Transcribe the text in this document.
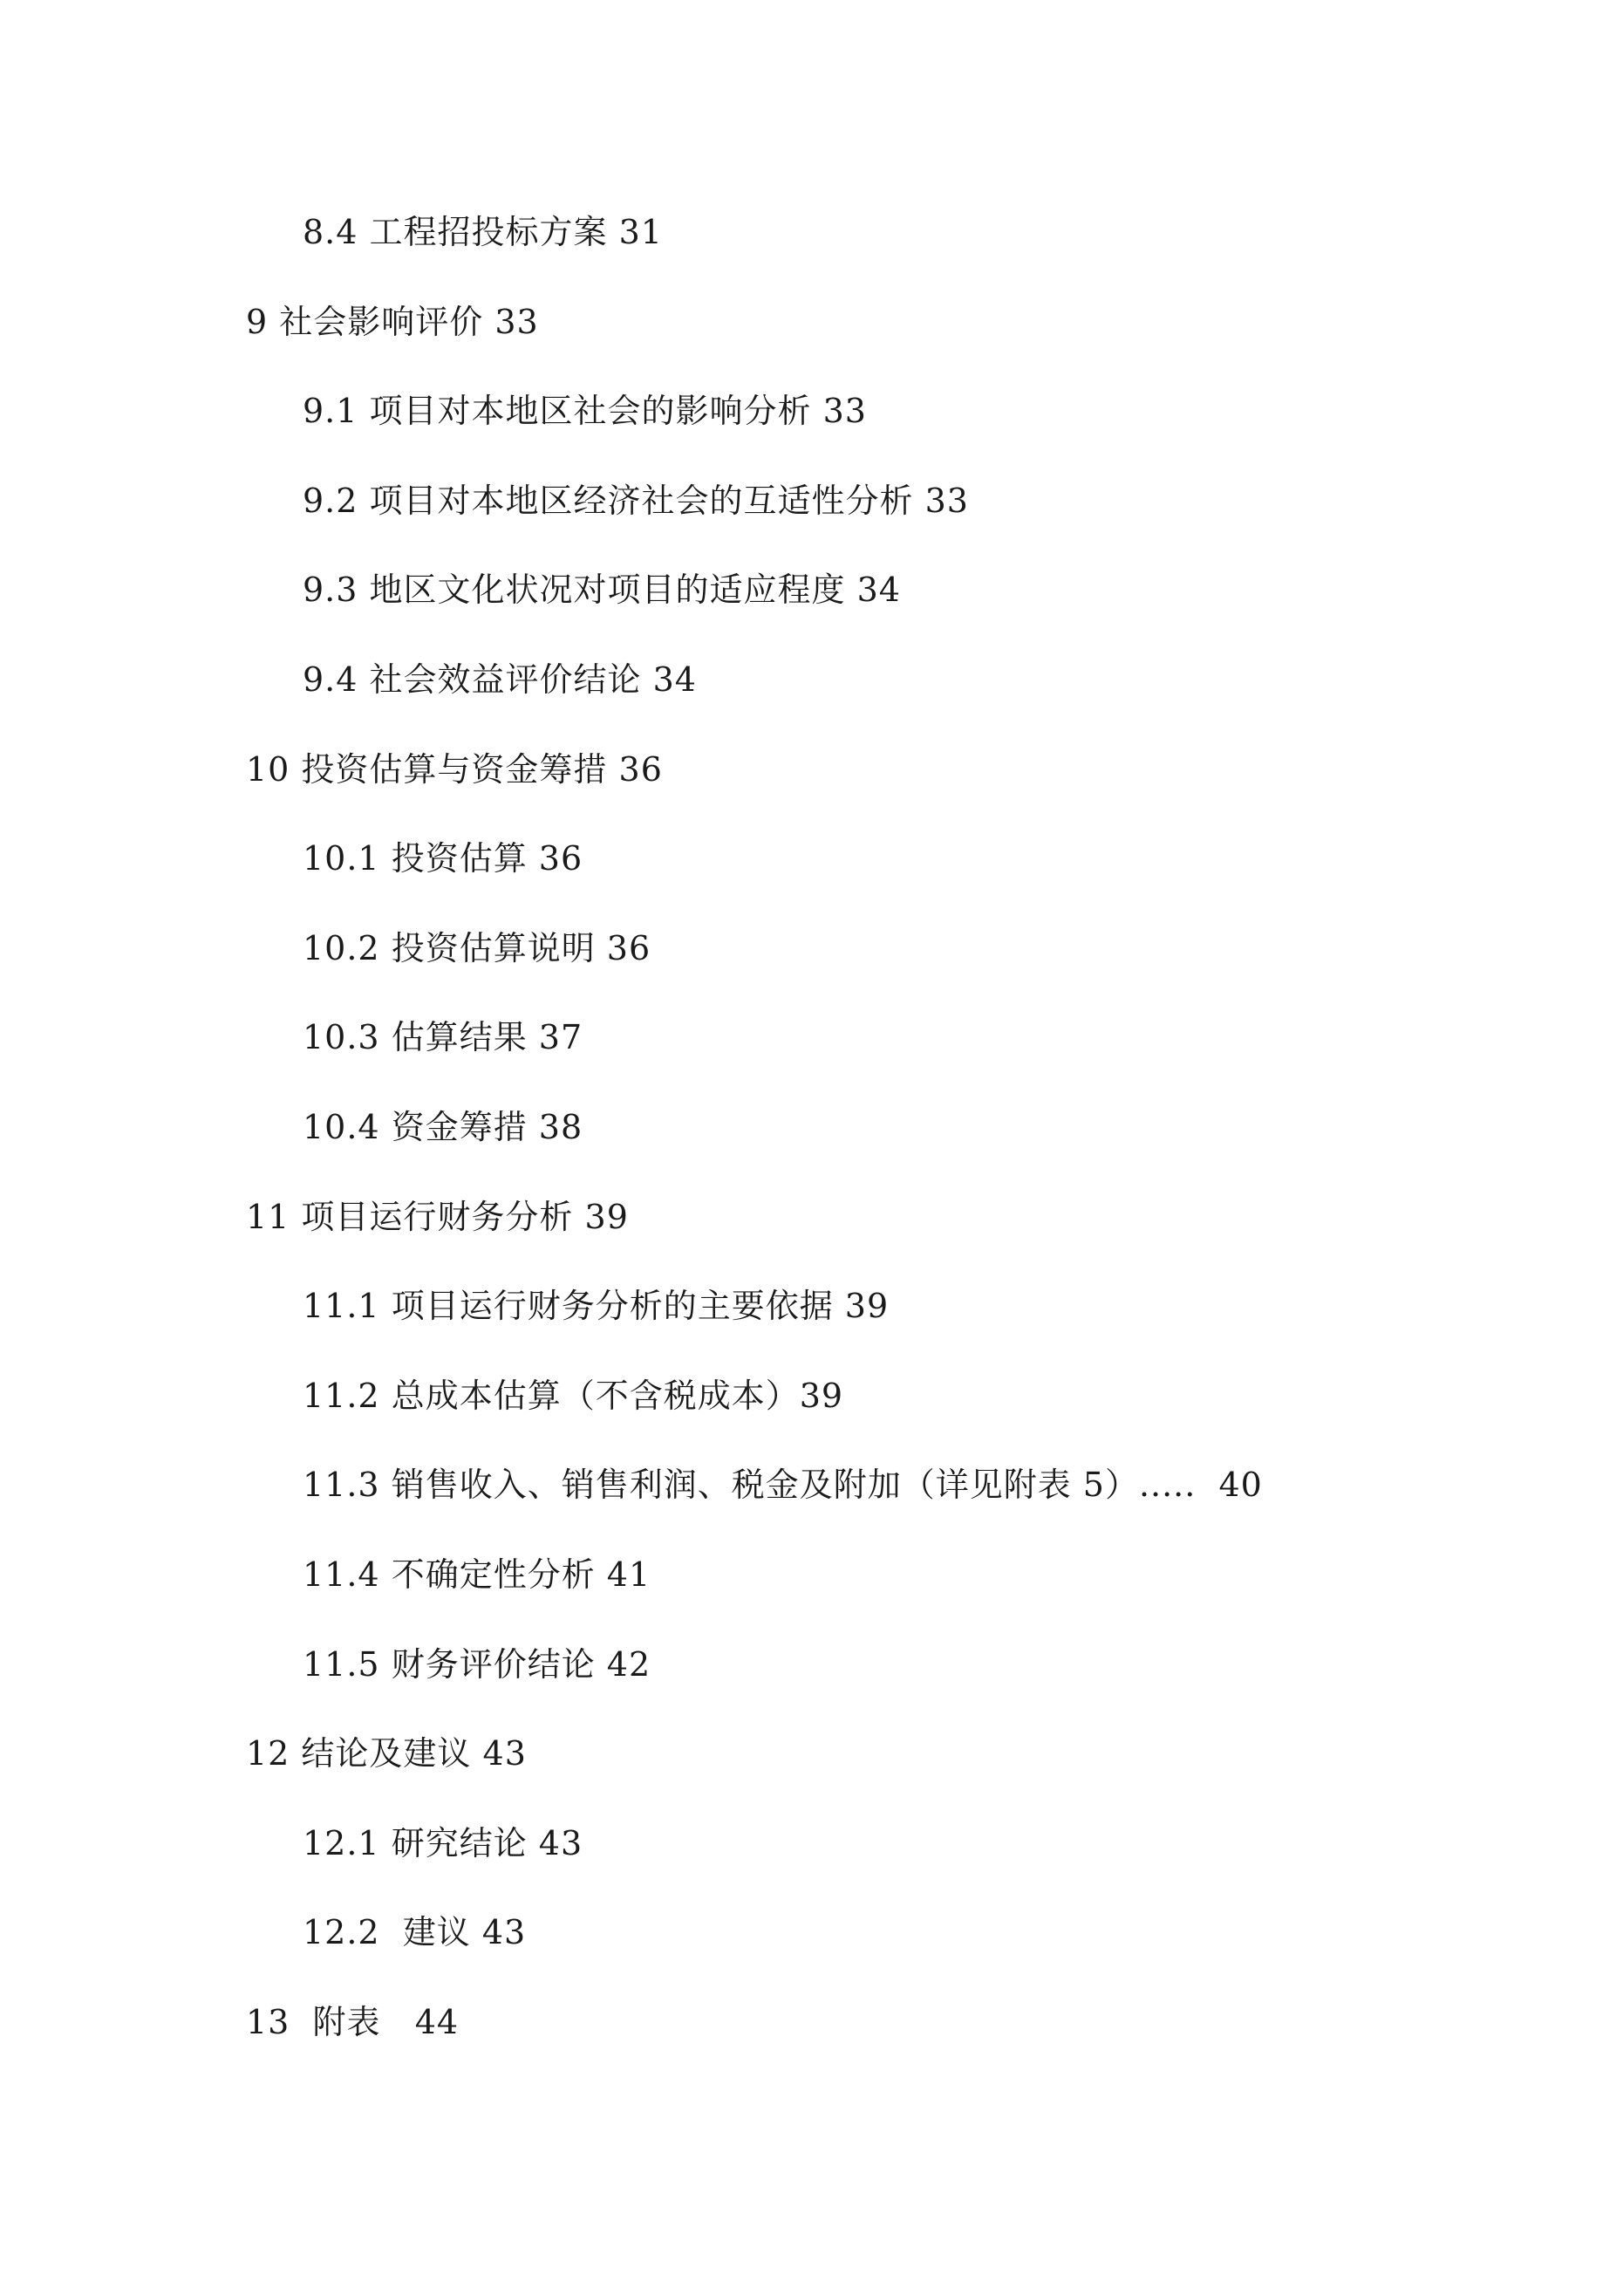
8.4 工程招投标方案 31
9 社会影响评价 33
9.1 项目对本地区社会的影响分析 33
9.2 项目对本地区经济社会的互适性分析 33
9.3 地区文化状况对项目的适应程度 34
9.4 社会效益评价结论 34
10 投资估算与资金筹措 36
10.1 投资估算 36
10.2 投资估算说明 36
10.3 估算结果 37
10.4 资金筹措 38
11 项目运行财务分析 39
11.1 项目运行财务分析的主要依据 39
11.2 总成本估算（不含税成本）39
11.3 销售收入、销售利润、税金及附加（详见附表 5）.....  40
11.4 不确定性分析 41
11.5 财务评价结论 42
12 结论及建议 43
12.1 研究结论 43
12.2  建议 43
13  附表   44
